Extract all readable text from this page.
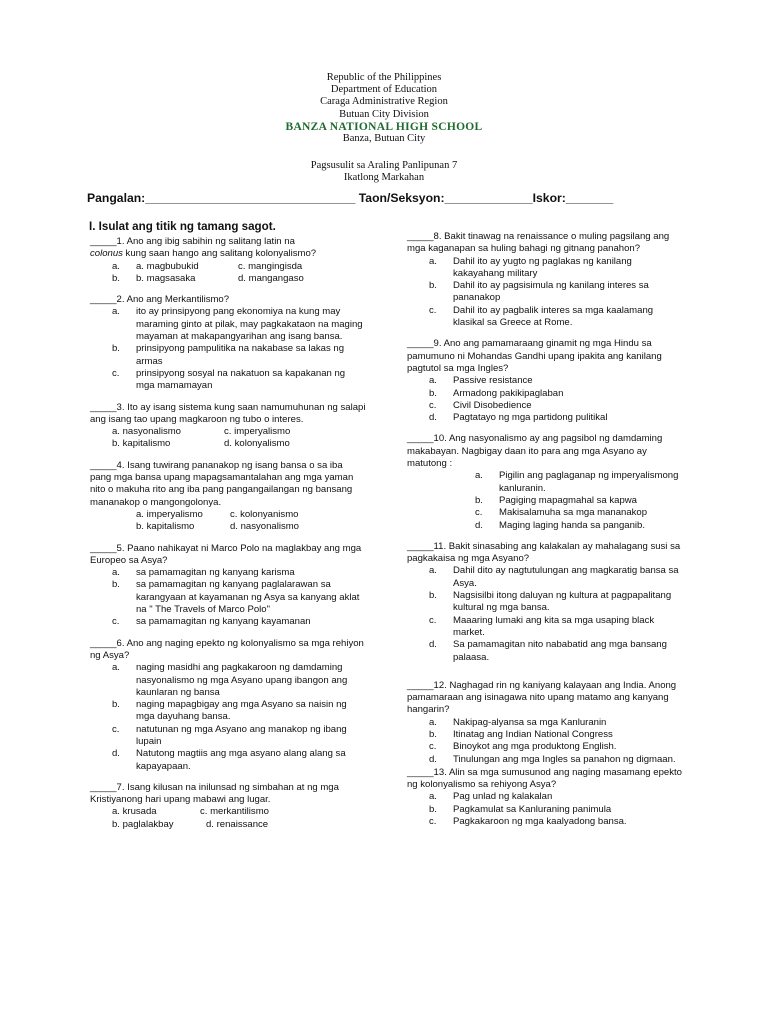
Republic of the Philippines
Department of Education
Caraga Administrative Region
Butuan City Division
BANZA NATIONAL HIGH SCHOOL
Banza, Butuan City
Pagsusulit sa Araling Panlipunan 7
Ikatlong Markahan
Pangalan:_______________________________ Taon/Seksyon:_____________Iskor:_______
I. Isulat ang titik ng tamang sagot.

_____1. Ano ang ibig sabihin ng salitang latin na
colonus kung saan hango ang salitang kolonyalismo?

a.	a. magbubukid	c. mangingisda
b.	b. magsasaka	d. mangangaso

_____2. Ano ang Merkantilismo?

a.	ito ay prinsipyong pang ekonomiya na kung may maraming ginto at pilak, may pagkakataon na maging mayaman at makapangyarihan ang isang bansa.
b.	prinsipyong pampulitika na nakabase sa lakas ng armas
c.	prinsipyong sosyal na nakatuon sa kapakanan ng mga mamamayan

_____3. Ito ay isang sistema kung saan namumuhunan ng salapi ang isang tao upang magkaroon ng tubo o interes.

a. nasyonalismo	c. imperyalismo
b. kapitalismo	d. kolonyalismo

_____4. Isang tuwirang pananakop ng isang bansa o sa iba pang mga bansa upang mapagsamantalahan ang mga yaman nito o makuha rito ang iba pang pangangailangan ng bansang mananakop o mangongolonya.

a. imperyalismo	c. kolonyanismo
b. kapitalismo	d. nasyonalismo

_____5. Paano nahikayat ni Marco Polo na maglakbay ang mga Europeo sa Asya?

a.	sa pamamagitan ng kanyang karisma
b.	sa pamamagitan ng kanyang paglalarawan sa karangyaan at kayamanan ng Asya sa kanyang aklat na " The Travels of Marco Polo"
c.	sa pamamagitan ng kanyang kayamanan

_____6. Ano ang naging epekto ng kolonyalismo sa mga rehiyon ng Asya?

a.	naging masidhi ang pagkakaroon ng damdaming nasyonalismo ng mga Asyano upang ibangon ang kaunlaran ng bansa
b.	naging mapagbigay ang mga Asyano sa naisin ng mga dayuhang bansa.
c.	natutunan ng mga Asyano ang manakop ng ibang lupain
d.	Natutong magtiis ang mga asyano alang alang sa kapayapaan.

_____7. Isang kilusan na inilunsad ng simbahan at ng mga Kristiyanong hari upang mabawi ang lugar.

a. krusada	c. merkantilismo
b. paglalakbay	d. renaissance

_____8. Bakit tinawag na renaissance o muling pagsilang ang mga kaganapan sa huling bahagi ng gitnang panahon?

a.	Dahil ito ay yugto ng paglakas ng kanilang kakayahang military
b.	Dahil ito ay pagsisimula ng kanilang interes sa pananakop
c.	Dahil ito ay pagbalik interes sa mga kaalamang klasikal sa Greece at Rome.

_____9. Ano ang pamamaraang ginamit ng mga Hindu sa pamumuno ni Mohandas Gandhi upang ipakita ang kanilang pagtutol sa mga Ingles?

a.	Passive resistance
b.	Armadong pakikipaglaban
c.	Civil Disobedience
d.	Pagtatayo ng mga partidong pulitikal

_____10. Ang nasyonalismo ay ang pagsibol ng damdaming makabayan. Nagbigay daan ito para ang mga Asyano ay matutong :

a.	Pigilin ang paglaganap ng imperyalismong kanluranin.
b.	Pagiging mapagmahal sa kapwa
c.	Makisalamuha sa mga mananakop
d.	Maging laging handa sa panganib.

_____11. Bakit sinasabing ang kalakalan ay mahalagang susi sa pagkakaisa ng mga Asyano?

a.	Dahil dito ay nagtutulungan ang magkaratig bansa sa Asya.
b.	Nagsisilbi itong daluyan ng kultura at pagpapalitang kultural ng mga bansa.
c.	Maaaring lumaki ang kita sa mga usaping black market.
d.	Sa pamamagitan nito nababatid ang mga bansang palaasa.

_____12. Naghagad rin ng kaniyang kalayaan ang India. Anong pamamaraan ang isinagawa nito upang matamo ang kanyang hangarin?

a.	Nakipag-alyansa sa mga Kanluranin
b.	Itinatag ang Indian National Congress
c.	Binoykot ang mga produktong English.
d.	Tinulungan ang mga Ingles sa panahon ng digmaan.

_____13. Alin sa mga sumusunod ang naging masamang epekto ng kolonyalismo sa rehiyong Asya?

a.	Pag unlad ng kalakalan
b.	Pagkamulat sa Kanluraning panimula
c.	Pagkakaroon ng mga kaalyadong bansa.
